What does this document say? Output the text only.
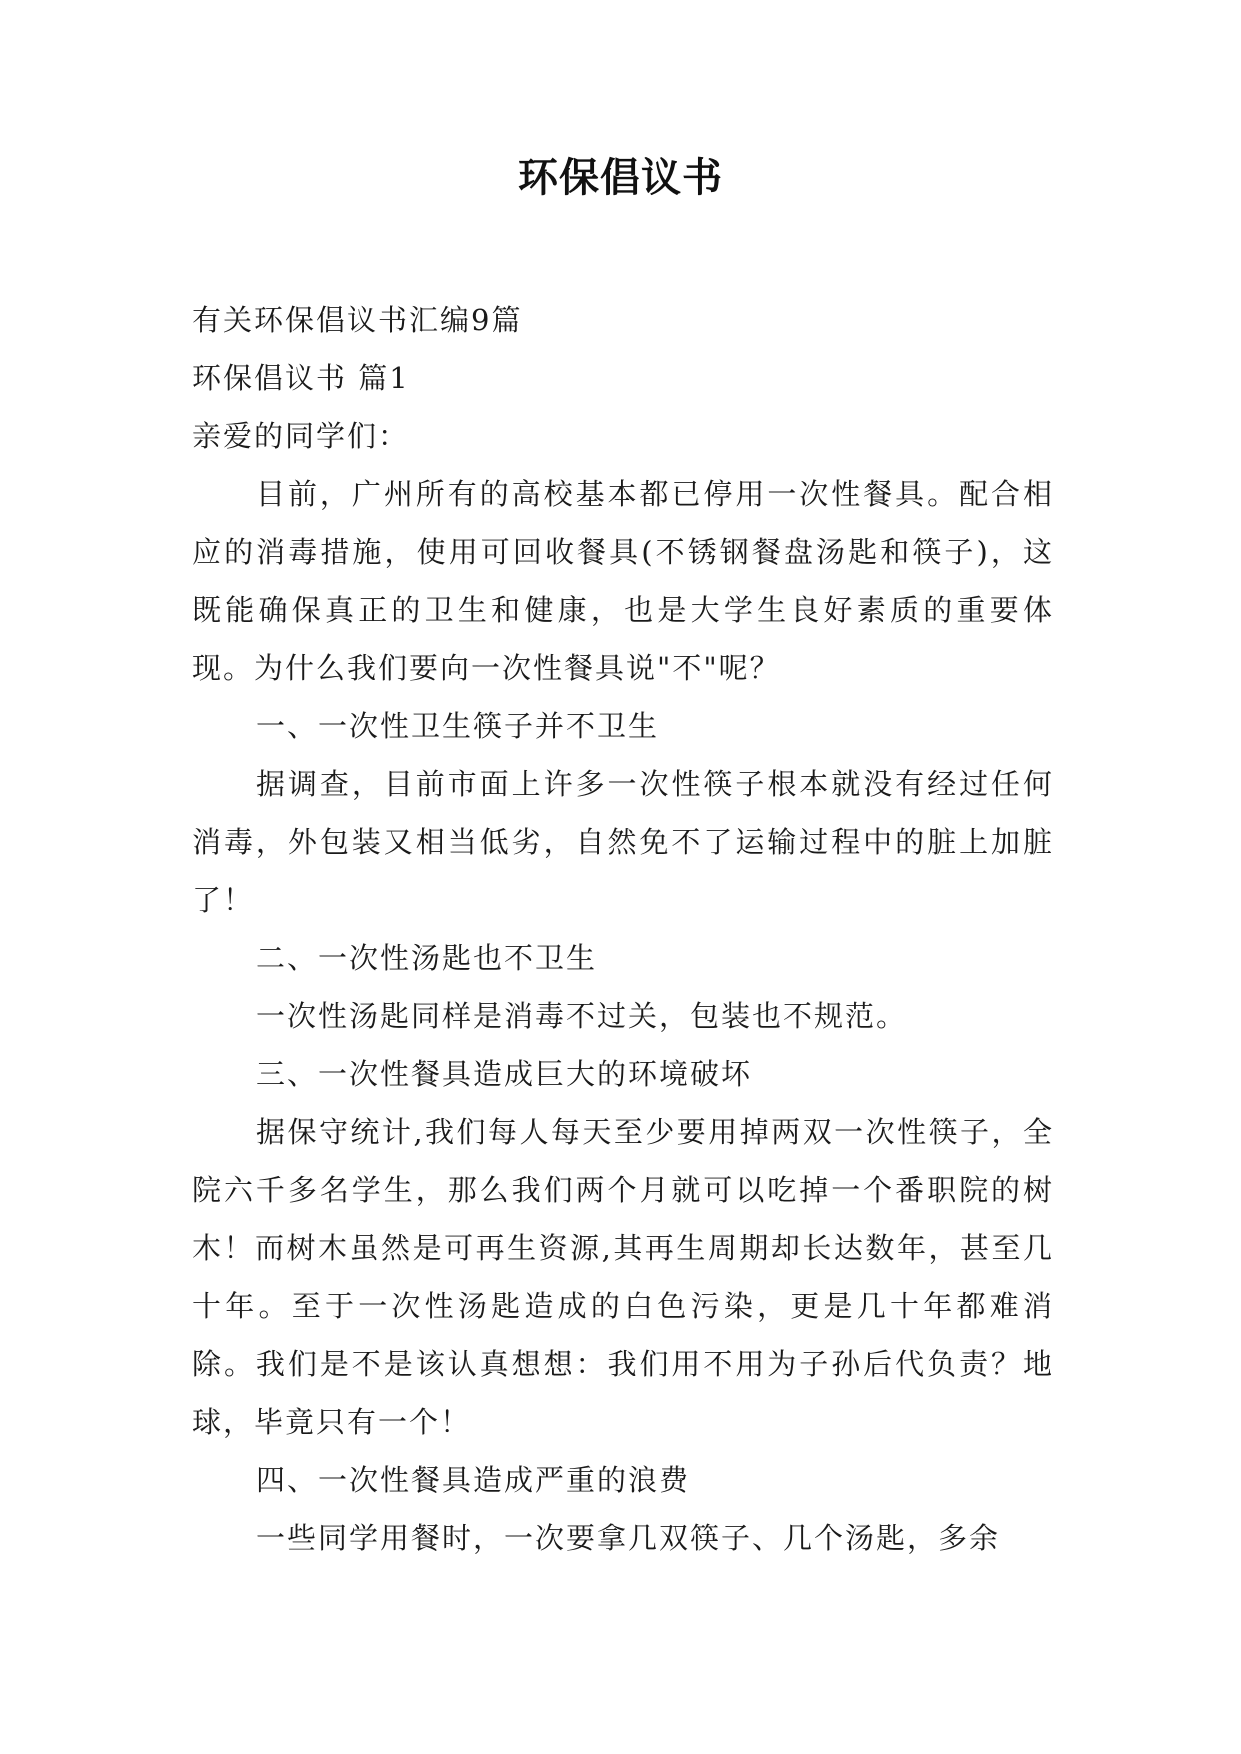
环保倡议书

有关环保倡议书汇编9篇

环保倡议书 篇1

亲爱的同学们：

目前，广州所有的高校基本都已停用一次性餐具。配合相应的消毒措施，使用可回收餐具(不锈钢餐盘汤匙和筷子)，这既能确保真正的卫生和健康，也是大学生良好素质的重要体现。为什么我们要向一次性餐具说"不"呢？

一、一次性卫生筷子并不卫生

据调查，目前市面上许多一次性筷子根本就没有经过任何消毒，外包装又相当低劣，自然免不了运输过程中的脏上加脏了！

二、一次性汤匙也不卫生

一次性汤匙同样是消毒不过关，包装也不规范。

三、一次性餐具造成巨大的环境破坏

据保守统计,我们每人每天至少要用掉两双一次性筷子，全院六千多名学生，那么我们两个月就可以吃掉一个番职院的树木！而树木虽然是可再生资源,其再生周期却长达数年，甚至几十年。至于一次性汤匙造成的白色污染，更是几十年都难消除。我们是不是该认真想想：我们用不用为子孙后代负责？地球，毕竟只有一个！

四、一次性餐具造成严重的浪费

一些同学用餐时，一次要拿几双筷子、几个汤匙，多余
